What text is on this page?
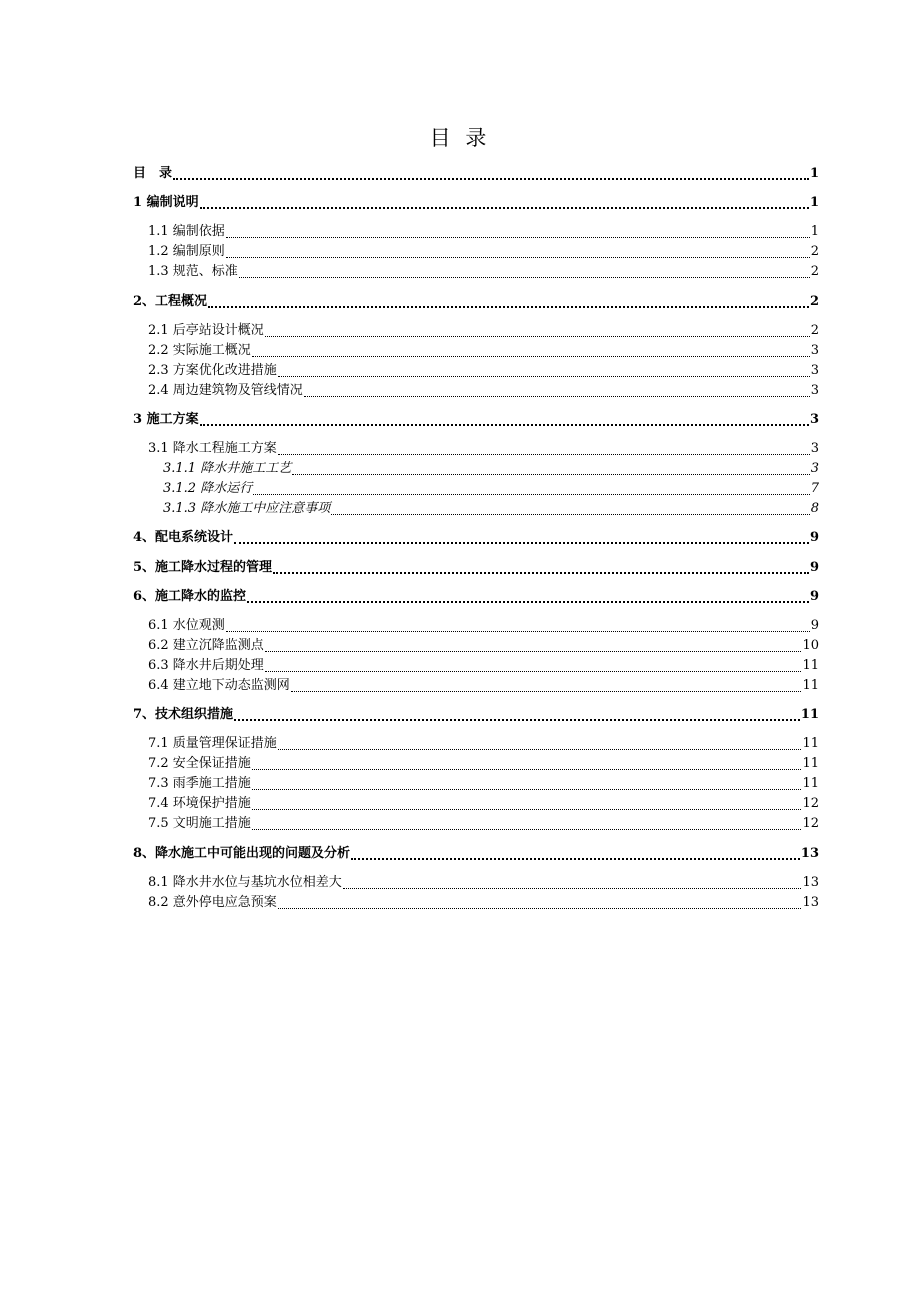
目 录
目　录	1
1 编制说明	1
1.1 编制依据	1
1.2 编制原则	2
1.3 规范、标准	2
2、工程概况	2
2.1 后亭站设计概况	2
2.2 实际施工概况	3
2.3 方案优化改进措施	3
2.4 周边建筑物及管线情况	3
3 施工方案	3
3.1 降水工程施工方案	3
3.1.1 降水井施工工艺	3
3.1.2 降水运行	7
3.1.3 降水施工中应注意事项	8
4、配电系统设计	9
5、施工降水过程的管理	9
6、施工降水的监控	9
6.1 水位观测	9
6.2 建立沉降监测点	10
6.3 降水井后期处理	11
6.4 建立地下动态监测网	11
7、技术组织措施	11
7.1 质量管理保证措施	11
7.2 安全保证措施	11
7.3 雨季施工措施	11
7.4 环境保护措施	12
7.5 文明施工措施	12
8、降水施工中可能出现的问题及分析	13
8.1 降水井水位与基坑水位相差大	13
8.2 意外停电应急预案	13
